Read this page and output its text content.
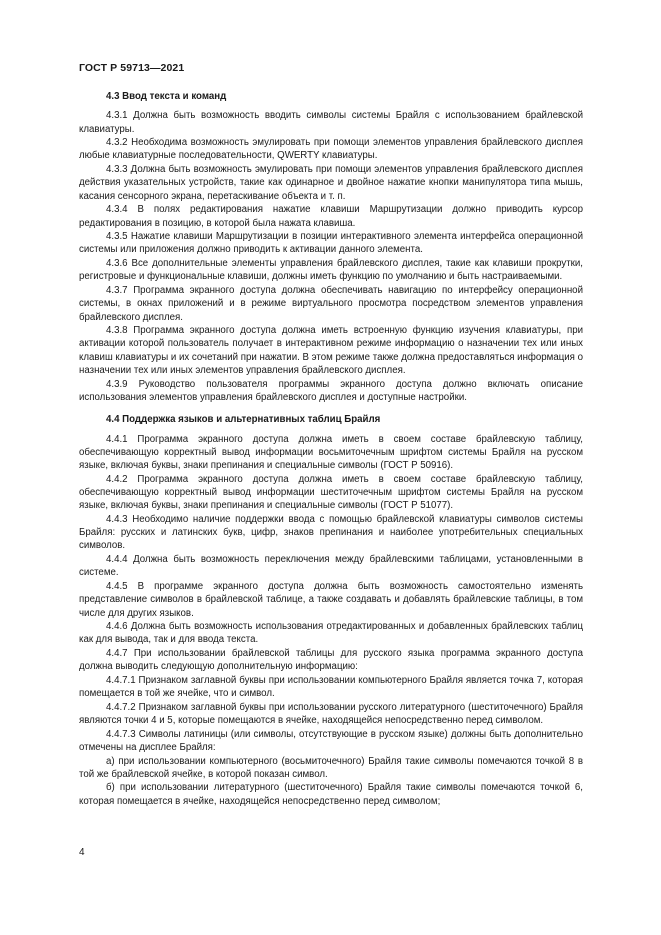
ГОСТ Р 59713—2021
4.3 Ввод текста и команд

4.3.1 Должна быть возможность вводить символы системы Брайля с использованием брайлевской клавиатуры.

4.3.2 Необходима возможность эмулировать при помощи элементов управления брайлевского дисплея любые клавиатурные последовательности, QWERTY клавиатуры.

4.3.3 Должна быть возможность эмулировать при помощи элементов управления брайлевского дисплея действия указательных устройств, такие как одинарное и двойное нажатие кнопки манипулятора типа мышь, касания сенсорного экрана, перетаскивание объекта и т. п.

4.3.4 В полях редактирования нажатие клавиши Маршрутизации должно приводить курсор редактирования в позицию, в которой была нажата клавиша.

4.3.5 Нажатие клавиши Маршрутизации в позиции интерактивного элемента интерфейса операционной системы или приложения должно приводить к активации данного элемента.

4.3.6 Все дополнительные элементы управления брайлевского дисплея, такие как клавиши прокрутки, регистровые и функциональные клавиши, должны иметь функцию по умолчанию и быть настраиваемыми.

4.3.7 Программа экранного доступа должна обеспечивать навигацию по интерфейсу операционной системы, в окнах приложений и в режиме виртуального просмотра посредством элементов управления брайлевского дисплея.

4.3.8 Программа экранного доступа должна иметь встроенную функцию изучения клавиатуры, при активации которой пользователь получает в интерактивном режиме информацию о назначении тех или иных клавиш клавиатуры и их сочетаний при нажатии. В этом режиме также должна предоставляться информация о назначении тех или иных элементов управления брайлевского дисплея.

4.3.9 Руководство пользователя программы экранного доступа должно включать описание использования элементов управления брайлевского дисплея и доступные настройки.

4.4 Поддержка языков и альтернативных таблиц Брайля

4.4.1 Программа экранного доступа должна иметь в своем составе брайлевскую таблицу, обеспечивающую корректный вывод информации восьмиточечным шрифтом системы Брайля на русском языке, включая буквы, знаки препинания и специальные символы (ГОСТ Р 50916).

4.4.2 Программа экранного доступа должна иметь в своем составе брайлевскую таблицу, обеспечивающую корректный вывод информации шеститочечным шрифтом системы Брайля на русском языке, включая буквы, знаки препинания и специальные символы (ГОСТ Р 51077).

4.4.3 Необходимо наличие поддержки ввода с помощью брайлевской клавиатуры символов системы Брайля: русских и латинских букв, цифр, знаков препинания и наиболее употребительных специальных символов.

4.4.4 Должна быть возможность переключения между брайлевскими таблицами, установленными в системе.

4.4.5 В программе экранного доступа должна быть возможность самостоятельно изменять представление символов в брайлевской таблице, а также создавать и добавлять брайлевские таблицы, в том числе для других языков.

4.4.6 Должна быть возможность использования отредактированных и добавленных брайлевских таблиц как для вывода, так и для ввода текста.

4.4.7 При использовании брайлевской таблицы для русского языка программа экранного доступа должна выводить следующую дополнительную информацию:

4.4.7.1 Признаком заглавной буквы при использовании компьютерного Брайля является точка 7, которая помещается в той же ячейке, что и символ.

4.4.7.2 Признаком заглавной буквы при использовании русского литературного (шеститочечного) Брайля являются точки 4 и 5, которые помещаются в ячейке, находящейся непосредственно перед символом.

4.4.7.3 Символы латиницы (или символы, отсутствующие в русском языке) должны быть дополнительно отмечены на дисплее Брайля:

а) при использовании компьютерного (восьмиточечного) Брайля такие символы помечаются точкой 8 в той же брайлевской ячейке, в которой показан символ.

б) при использовании литературного (шеститочечного) Брайля такие символы помечаются точкой 6, которая помещается в ячейке, находящейся непосредственно перед символом;

4
